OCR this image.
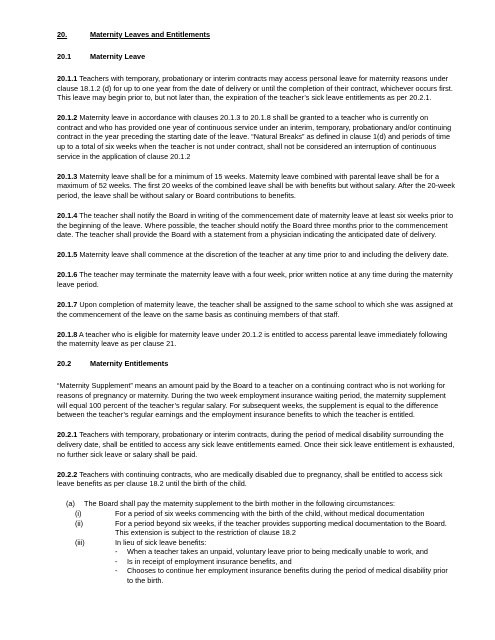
20.	Maternity Leaves and Entitlements
20.1	Maternity Leave
20.1.1 Teachers with temporary, probationary or interim contracts may access personal leave for maternity reasons under clause 18.1.2 (d) for up to one year from the date of delivery or until the completion of their contract, whichever occurs first. This leave may begin prior to, but not later than, the expiration of the teacher’s sick leave entitlements as per 20.2.1.
20.1.2 Maternity leave in accordance with clauses 20.1.3 to 20.1.8 shall be granted to a teacher who is currently on contract and who has provided one year of continuous service under an interim, temporary, probationary and/or continuing contract in the year preceding the starting date of the leave. “Natural Breaks” as defined in clause 1(d) and periods of time up to a total of six weeks when the teacher is not under contract, shall not be considered an interruption of continuous service in the application of clause 20.1.2
20.1.3 Maternity leave shall be for a minimum of 15 weeks. Maternity leave combined with parental leave shall be for a maximum of 52 weeks. The first 20 weeks of the combined leave shall be with benefits but without salary. After the 20-week period, the leave shall be without salary or Board contributions to benefits.
20.1.4 The teacher shall notify the Board in writing of the commencement date of maternity leave at least six weeks prior to the beginning of the leave. Where possible, the teacher should notify the Board three months prior to the commencement date. The teacher shall provide the Board with a statement from a physician indicating the anticipated date of delivery.
20.1.5 Maternity leave shall commence at the discretion of the teacher at any time prior to and including the delivery date.
20.1.6 The teacher may terminate the maternity leave with a four week, prior written notice at any time during the maternity leave period.
20.1.7 Upon completion of maternity leave, the teacher shall be assigned to the same school to which she was assigned at the commencement of the leave on the same basis as continuing members of that staff.
20.1.8 A teacher who is eligible for maternity leave under 20.1.2 is entitled to access parental leave immediately following the maternity leave as per clause 21.
20.2	Maternity Entitlements
“Maternity Supplement” means an amount paid by the Board to a teacher on a continuing contract who is not working for reasons of pregnancy or maternity. During the two week employment insurance waiting period, the maternity supplement will equal 100 percent of the teacher’s regular salary. For subsequent weeks, the supplement is equal to the difference between the teacher’s regular earnings and the employment insurance benefits to which the teacher is entitled.
20.2.1 Teachers with temporary, probationary or interim contracts, during the period of medical disability surrounding the delivery date, shall be entitled to access any sick leave entitlements earned. Once their sick leave entitlement is exhausted, no further sick leave or salary shall be paid.
20.2.2 Teachers with continuing contracts, who are medically disabled due to pregnancy, shall be entitled to access sick leave benefits as per clause 18.2 until the birth of the child.
(a)	The Board shall pay the maternity supplement to the birth mother in the following circumstances:
(i)	For a period of six weeks commencing with the birth of the child, without medical documentation
(ii)	For a period beyond six weeks, if the teacher provides supporting medical documentation to the Board. This extension is subject to the restriction of clause 18.2
(iii)	In lieu of sick leave benefits:
-	When a teacher takes an unpaid, voluntary leave prior to being medically unable to work, and
-	Is in receipt of employment insurance benefits, and
-	Chooses to continue her employment insurance benefits during the period of medical disability prior to the birth.
